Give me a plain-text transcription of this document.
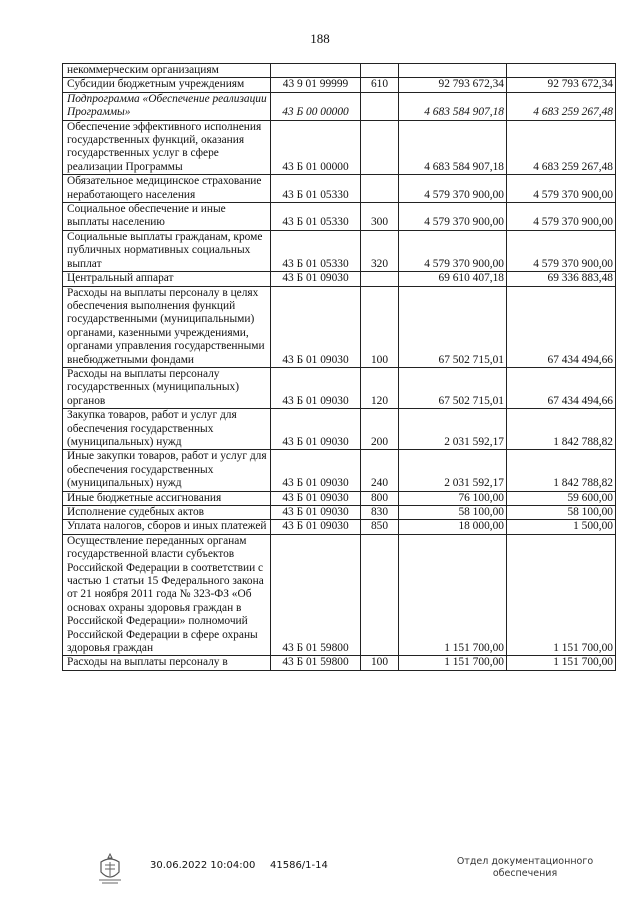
188
некоммерческим организациям				
Субсидии бюджетным учреждениям	43 9 01 99999	610	92 793 672,34	92 793 672,34
Подпрограмма «Обеспечение реализации Программы»	43 Б 00 00000		4 683 584 907,18	4 683 259 267,48
Обеспечение эффективного исполнения государственных функций, оказания государственных услуг в сфере реализации Программы	43 Б 01 00000		4 683 584 907,18	4 683 259 267,48
Обязательное медицинское страхование неработающего населения	43 Б 01 05330		4 579 370 900,00	4 579 370 900,00
Социальное обеспечение и иные выплаты населению	43 Б 01 05330	300	4 579 370 900,00	4 579 370 900,00
Социальные выплаты гражданам, кроме публичных нормативных социальных выплат	43 Б 01 05330	320	4 579 370 900,00	4 579 370 900,00
Центральный аппарат	43 Б 01 09030		69 610 407,18	69 336 883,48
Расходы на выплаты персоналу в целях обеспечения выполнения функций государственными (муниципальными) органами, казенными учреждениями, органами управления государственными внебюджетными фондами	43 Б 01 09030	100	67 502 715,01	67 434 494,66
Расходы на выплаты персоналу государственных (муниципальных) органов	43 Б 01 09030	120	67 502 715,01	67 434 494,66
Закупка товаров, работ и услуг для обеспечения государственных (муниципальных) нужд	43 Б 01 09030	200	2 031 592,17	1 842 788,82
Иные закупки товаров, работ и услуг для обеспечения государственных (муниципальных) нужд	43 Б 01 09030	240	2 031 592,17	1 842 788,82
Иные бюджетные ассигнования	43 Б 01 09030	800	76 100,00	59 600,00
Исполнение судебных актов	43 Б 01 09030	830	58 100,00	58 100,00
Уплата налогов, сборов и иных платежей	43 Б 01 09030	850	18 000,00	1 500,00
Осуществление переданных органам государственной власти субъектов Российской Федерации в соответствии с частью 1 статьи 15 Федерального закона от 21 ноября 2011 года № 323-ФЗ «Об основах охраны здоровья граждан в Российской Федерации» полномочий Российской Федерации в сфере охраны здоровья граждан	43 Б 01 59800		1 151 700,00	1 151 700,00
Расходы на выплаты персоналу в	43 Б 01 59800	100	1 151 700,00	1 151 700,00
30.06.2022 10:04:00 41586/1-14	Отдел документационного
обеспечения
